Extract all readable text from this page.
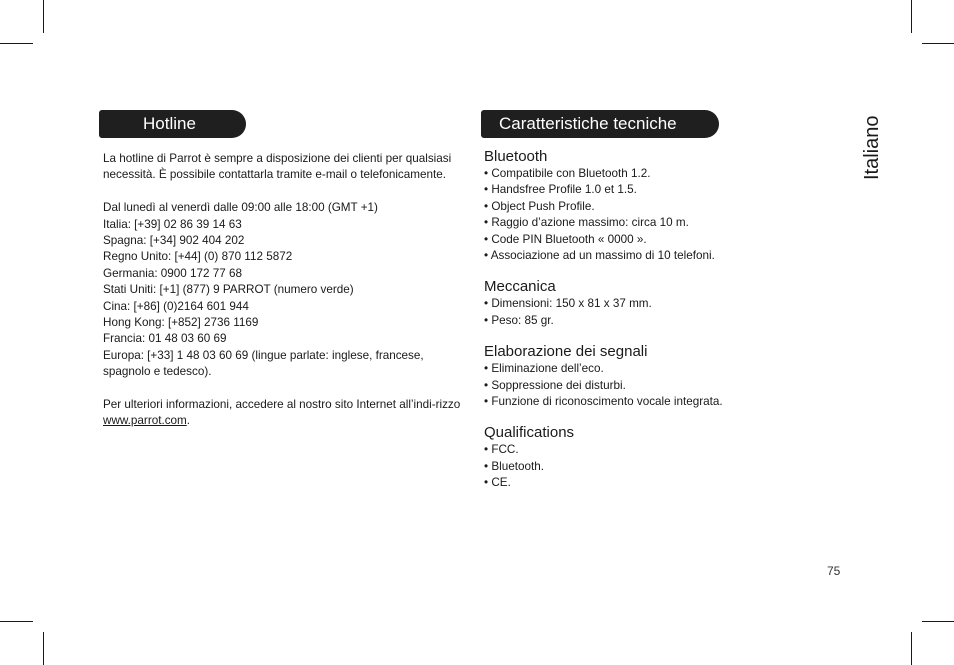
Hotline

La hotline di Parrot è sempre a disposizione dei clienti per qualsiasi necessità. È possibile contattarla tramite e-mail o telefonicamente.

Dal lunedì al venerdì dalle 09:00 alle 18:00 (GMT +1)

Italia: [+39] 02 86 39 14 63

Spagna: [+34] 902 404 202

Regno Unito: [+44] (0) 870 112 5872

Germania: 0900 172 77 68

Stati Uniti: [+1] (877) 9 PARROT (numero verde)

Cina: [+86] (0)2164 601 944

Hong Kong: [+852] 2736 1169

Francia: 01 48 03 60 69

Europa: [+33] 1 48 03 60 69 (lingue parlate: inglese, francese, spagnolo e tedesco).

Per ulteriori informazioni, accedere al nostro sito Internet all’indi-rizzo www.parrot.com.

Caratteristiche tecniche
Bluetooth
• Compatibile con Bluetooth 1.2.
• Handsfree Profile 1.0 et 1.5.
• Object Push Profile.
• Raggio d’azione massimo: circa 10 m.
• Code PIN Bluetooth « 0000 ».
• Associazione ad un massimo di 10 telefoni.
Meccanica
• Dimensioni: 150 x 81 x 37 mm.
• Peso: 85 gr.
Elaborazione dei segnali
• Eliminazione dell’eco.
• Soppressione dei disturbi.
• Funzione di riconoscimento vocale integrata.
Qualifications
• FCC.
• Bluetooth.
• CE.
Italiano
75
